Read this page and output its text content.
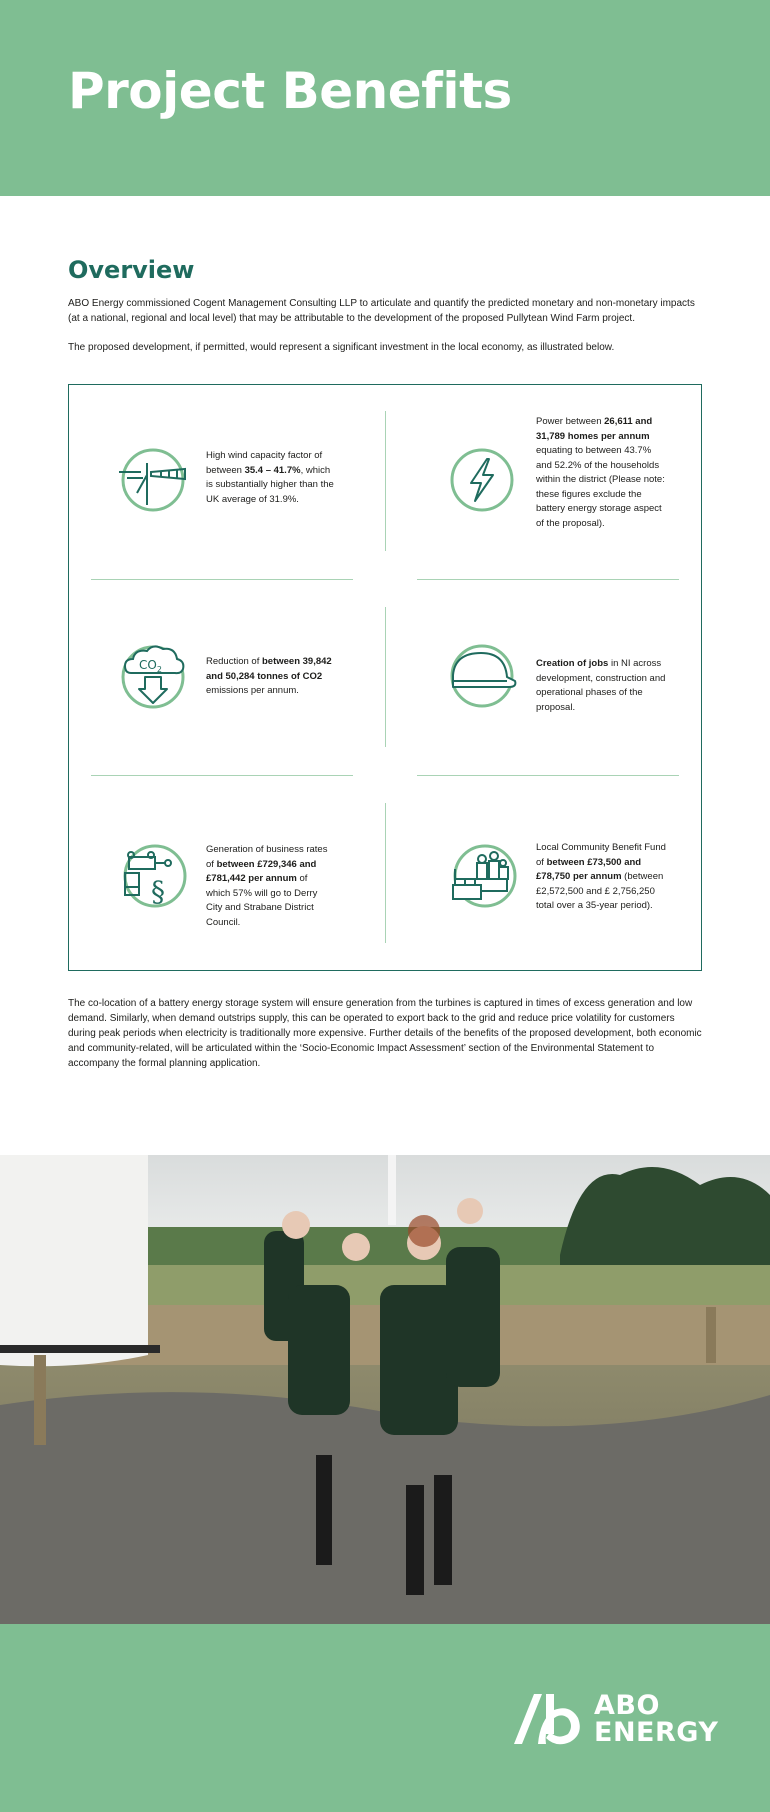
Project Benefits
Overview

ABO Energy commissioned Cogent Management Consulting LLP to articulate and quantify the predicted monetary and non-monetary impacts (at a national, regional and local level) that may be attributable to the development of the proposed Pullytean Wind Farm project.

The proposed development, if permitted, would represent a significant investment in the local economy, as illustrated below.

High wind capacity factor of between 35.4 – 41.7%, which is substantially higher than the UK average of 31.9%.
Power between 26,611 and 31,789 homes per annum equating to between 43.7% and 52.2% of the households within the district (Please note: these figures exclude the battery energy storage aspect of the proposal).
$CO_2$
Reduction of between 39,842 and 50,284 tonnes of CO2 emissions per annum.
Creation of jobs in NI across development, construction and operational phases of the proposal.
§
Generation of business rates of between £729,346 and £781,442 per annum of which 57% will go to Derry City and Strabane District Council.
Local Community Benefit Fund of between £73,500 and £78,750 per annum (between £2,572,500 and £ 2,756,250 total over a 35-year period).

The co-location of a battery energy storage system will ensure generation from the turbines is captured in times of excess generation and low demand. Similarly, when demand outstrips supply, this can be operated to export back to the grid and reduce price volatility for customers during peak periods when electricity is traditionally more expensive. Further details of the benefits of the proposed development, both economic and community-related, will be articulated within the ‘Socio-Economic Impact Assessment’ section of the Environmental Statement to accompany the formal planning application.

ABO
ENERGY
